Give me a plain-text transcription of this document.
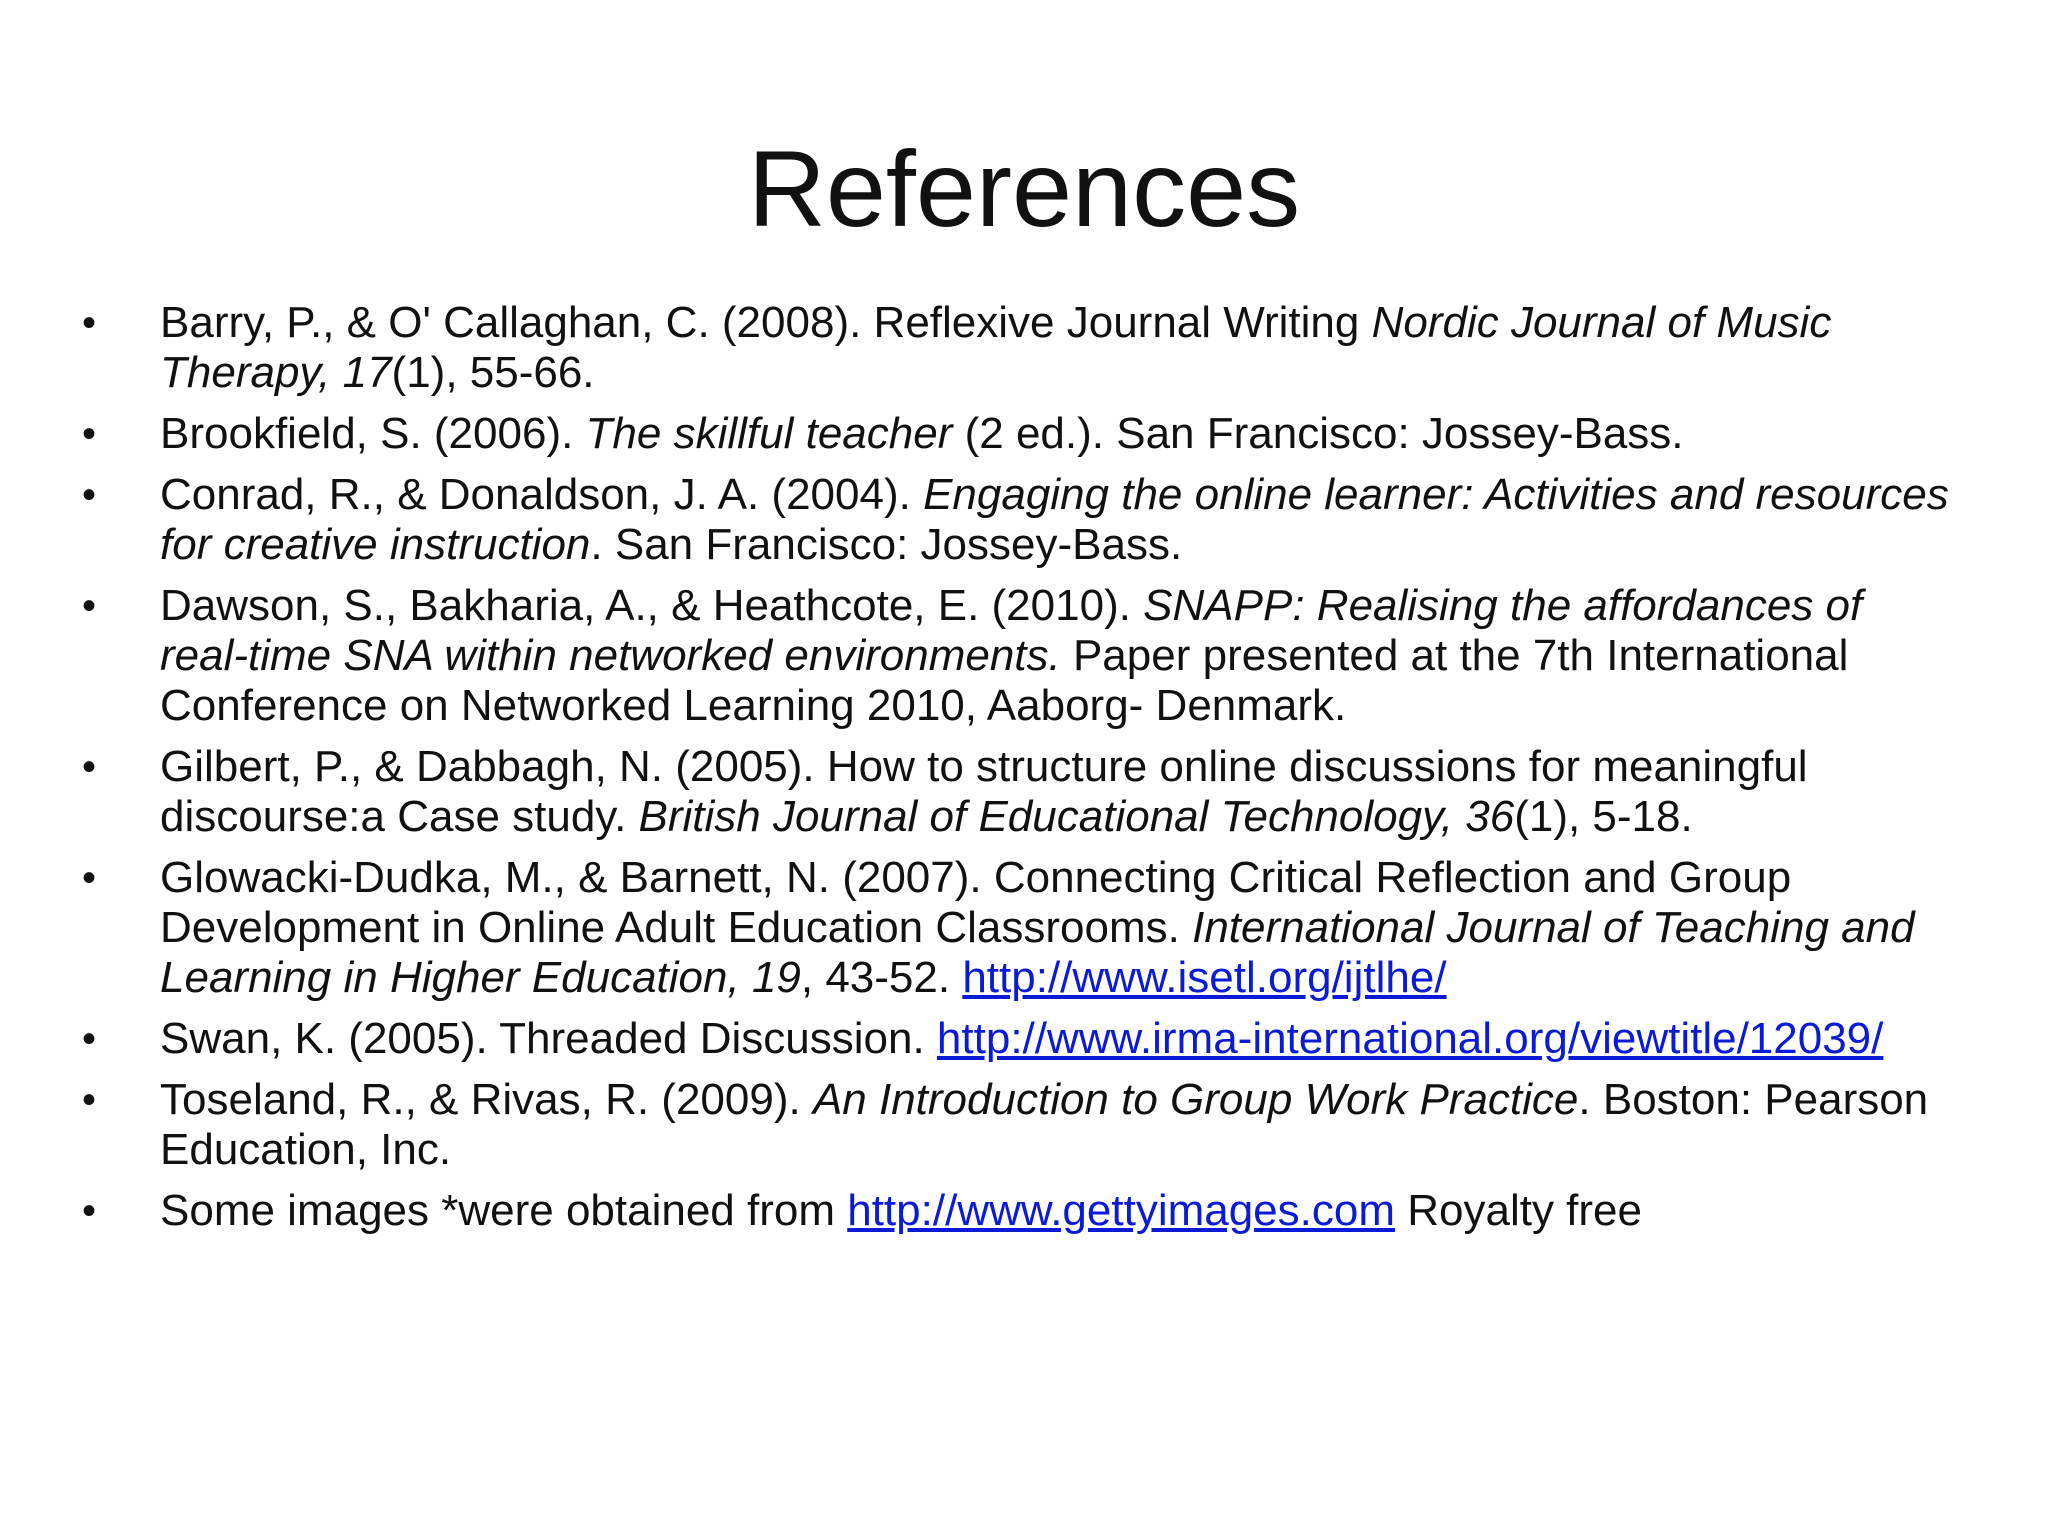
References
• Barry, P., & O' Callaghan, C. (2008). Reflexive Journal Writing Nordic Journal of Music Therapy, 17(1), 55-66.
• Brookfield, S. (2006). The skillful teacher (2 ed.). San Francisco: Jossey-Bass.
• Conrad, R., & Donaldson, J. A. (2004). Engaging the online learner: Activities and resources for creative instruction. San Francisco: Jossey-Bass.
• Dawson, S., Bakharia, A., & Heathcote, E. (2010). SNAPP: Realising the affordances of real-time SNA within networked environments. Paper presented at the 7th International Conference on Networked Learning 2010, Aaborg- Denmark.
• Gilbert, P., & Dabbagh, N. (2005). How to structure online discussions for meaningful discourse:a Case study. British Journal of Educational Technology, 36(1), 5-18.
• Glowacki-Dudka, M., & Barnett, N. (2007). Connecting Critical Reflection and Group Development in Online Adult Education Classrooms. International Journal of Teaching and Learning in Higher Education, 19, 43-52. http://www.isetl.org/ijtlhe/
• Swan, K. (2005). Threaded Discussion. http://www.irma-international.org/viewtitle/12039/
• Toseland, R., & Rivas, R. (2009). An Introduction to Group Work Practice. Boston: Pearson Education, Inc.
• Some images *were obtained from http://www.gettyimages.com Royalty free
